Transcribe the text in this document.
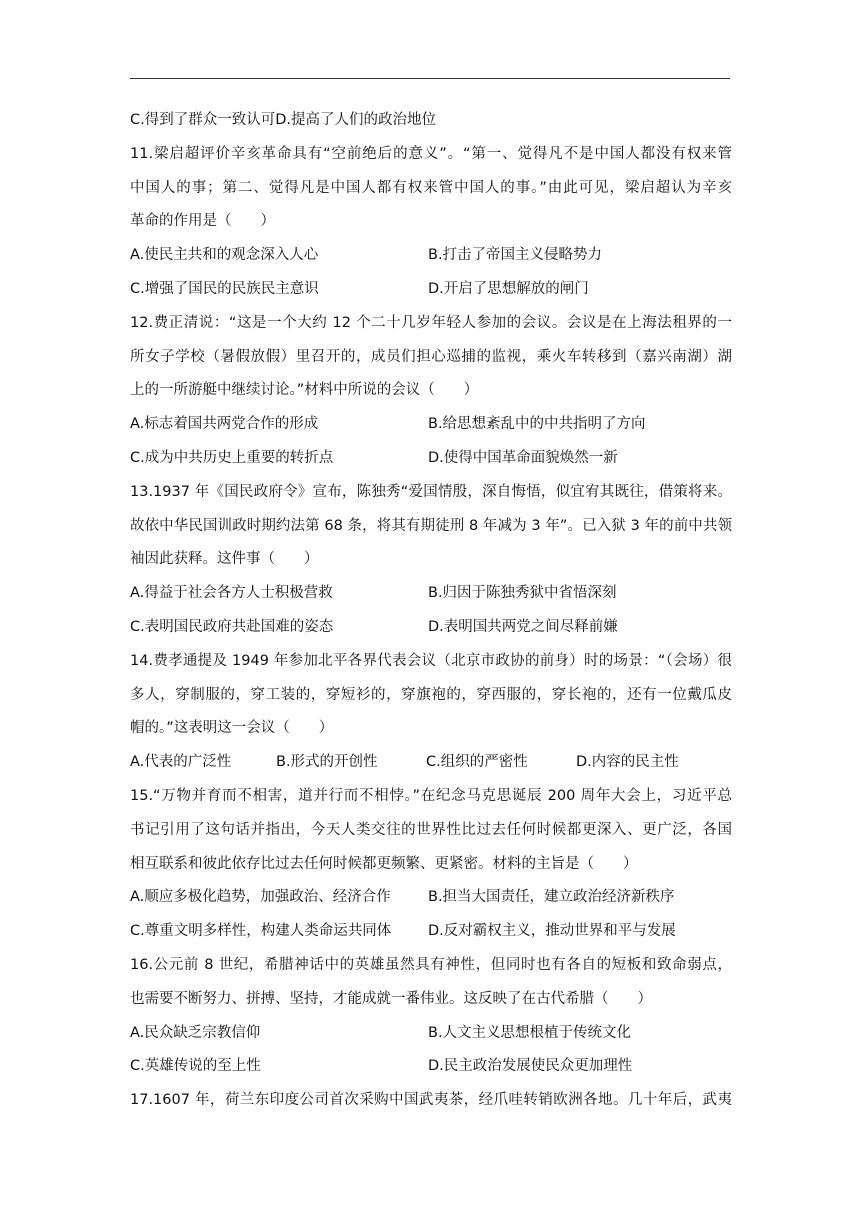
C.得到了群众一致认可D.提高了人们的政治地位
11.梁启超评价辛亥革命具有“空前绝后的意义”。“第一、觉得凡不是中国人都没有权来管
中国人的事；第二、觉得凡是中国人都有权来管中国人的事。”由此可见，梁启超认为辛亥
革命的作用是（　　）
A.使民主共和的观念深入人心	B.打击了帝国主义侵略势力
C.增强了国民的民族民主意识	D.开启了思想解放的闸门
12.费正清说：“这是一个大约 12 个二十几岁年轻人参加的会议。会议是在上海法租界的一
所女子学校（暑假放假）里召开的，成员们担心巡捕的监视，乘火车转移到（嘉兴南湖）湖
上的一所游艇中继续讨论。”材料中所说的会议（　　）
A.标志着国共两党合作的形成	B.给思想紊乱中的中共指明了方向
C.成为中共历史上重要的转折点	D.使得中国革命面貌焕然一新
13.1937 年《国民政府令》宣布，陈独秀“爱国情殷，深自悔悟，似宜宥其既往，借策将来。
故依中华民国训政时期约法第 68 条，将其有期徒刑 8 年减为 3 年”。已入狱 3 年的前中共领
袖因此获释。这件事（　　）
A.得益于社会各方人士积极营救	B.归因于陈独秀狱中省悟深刻
C.表明国民政府共赴国难的姿态	D.表明国共两党之间尽释前嫌
14.费孝通提及 1949 年参加北平各界代表会议（北京市政协的前身）时的场景：“（会场）很
多人，穿制服的，穿工装的，穿短衫的，穿旗袍的，穿西服的，穿长袍的，还有一位戴瓜皮
帽的。”这表明这一会议（　　）
A.代表的广泛性	B.形式的开创性	C.组织的严密性	D.内容的民主性
15.“万物并育而不相害，道并行而不相悖。”在纪念马克思诞辰 200 周年大会上，习近平总
书记引用了这句话并指出，今天人类交往的世界性比过去任何时候都更深入、更广泛，各国
相互联系和彼此依存比过去任何时候都更频繁、更紧密。材料的主旨是（　　）
A.顺应多极化趋势，加强政治、经济合作	B.担当大国责任，建立政治经济新秩序
C.尊重文明多样性，构建人类命运共同体	D.反对霸权主义，推动世界和平与发展
16.公元前 8 世纪，希腊神话中的英雄虽然具有神性，但同时也有各自的短板和致命弱点，
也需要不断努力、拼搏、坚持，才能成就一番伟业。这反映了在古代希腊（　　）
A.民众缺乏宗教信仰	B.人文主义思想根植于传统文化
C.英雄传说的至上性	D.民主政治发展使民众更加理性
17.1607 年，荷兰东印度公司首次采购中国武夷茶，经爪哇转销欧洲各地。几十年后，武夷
